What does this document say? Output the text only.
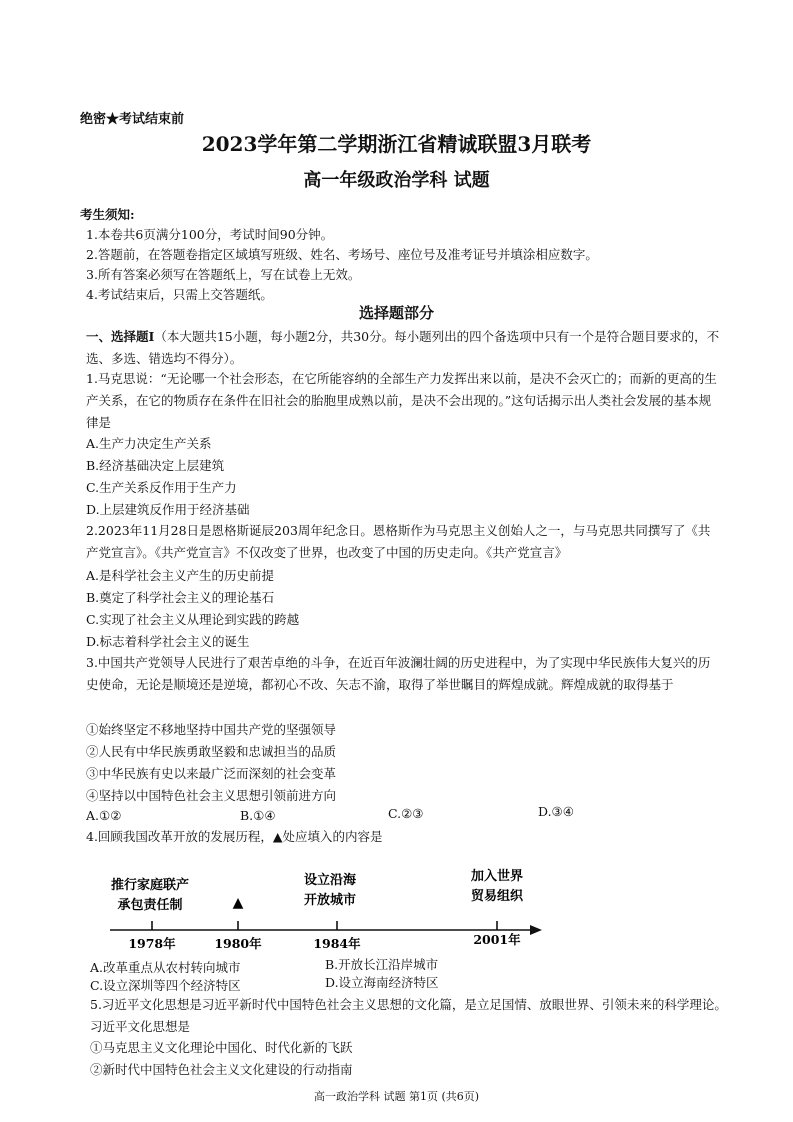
绝密★考试结束前
2023学年第二学期浙江省精诚联盟3月联考
高一年级政治学科 试题
考生须知:
1.本卷共6页满分100分，考试时间90分钟。
2.答题前，在答题卷指定区域填写班级、姓名、考场号、座位号及准考证号并填涂相应数字。
3.所有答案必须写在答题纸上，写在试卷上无效。
4.考试结束后，只需上交答题纸。
选择题部分
一、选择题Ⅰ（本大题共15小题，每小题2分，共30分。每小题列出的四个备选项中只有一个是符合题目要求的，不选、多选、错选均不得分）。
1.马克思说：“无论哪一个社会形态，在它所能容纳的全部生产力发挥出来以前，是决不会灭亡的；而新的更高的生产关系，在它的物质存在条件在旧社会的胎胞里成熟以前，是决不会出现的。”这句话揭示出人类社会发展的基本规律是
A.生产力决定生产关系
B.经济基础决定上层建筑
C.生产关系反作用于生产力
D.上层建筑反作用于经济基础
2.2023年11月28日是恩格斯诞辰203周年纪念日。恩格斯作为马克思主义创始人之一，与马克思共同撰写了《共产党宣言》。《共产党宣言》不仅改变了世界，也改变了中国的历史走向。《共产党宣言》
A.是科学社会主义产生的历史前提
B.奠定了科学社会主义的理论基石
C.实现了社会主义从理论到实践的跨越
D.标志着科学社会主义的诞生
3.中国共产党领导人民进行了艰苦卓绝的斗争，在近百年波澜壮阔的历史进程中，为了实现中华民族伟大复兴的历史使命，无论是顺境还是逆境，都初心不改、矢志不渝，取得了举世瞩目的辉煌成就。辉煌成就的取得基于
①始终坚定不移地坚持中国共产党的坚强领导
②人民有中华民族勇敢坚毅和忠诚担当的品质
③中华民族有史以来最广泛而深刻的社会变革
④坚持以中国特色社会主义思想引领前进方向
A.①②	B.①④	C.②③	D.③④
4.回顾我国改革开放的发展历程，▲处应填入的内容是
推行家庭联产
承包责任制	▲
设立沿海
开放城市
加入世界
贸易组织
1978年	1980年	1984年	2001年
A.改革重点从农村转向城市	B.开放长江沿岸城市
C.设立深圳等四个经济特区	D.设立海南经济特区
5.习近平文化思想是习近平新时代中国特色社会主义思想的文化篇，是立足国情、放眼世界、引领未来的科学理论。习近平文化思想是
①马克思主义文化理论中国化、时代化新的飞跃
②新时代中国特色社会主义文化建设的行动指南
高一政治学科 试题 第1页 (共6页)
